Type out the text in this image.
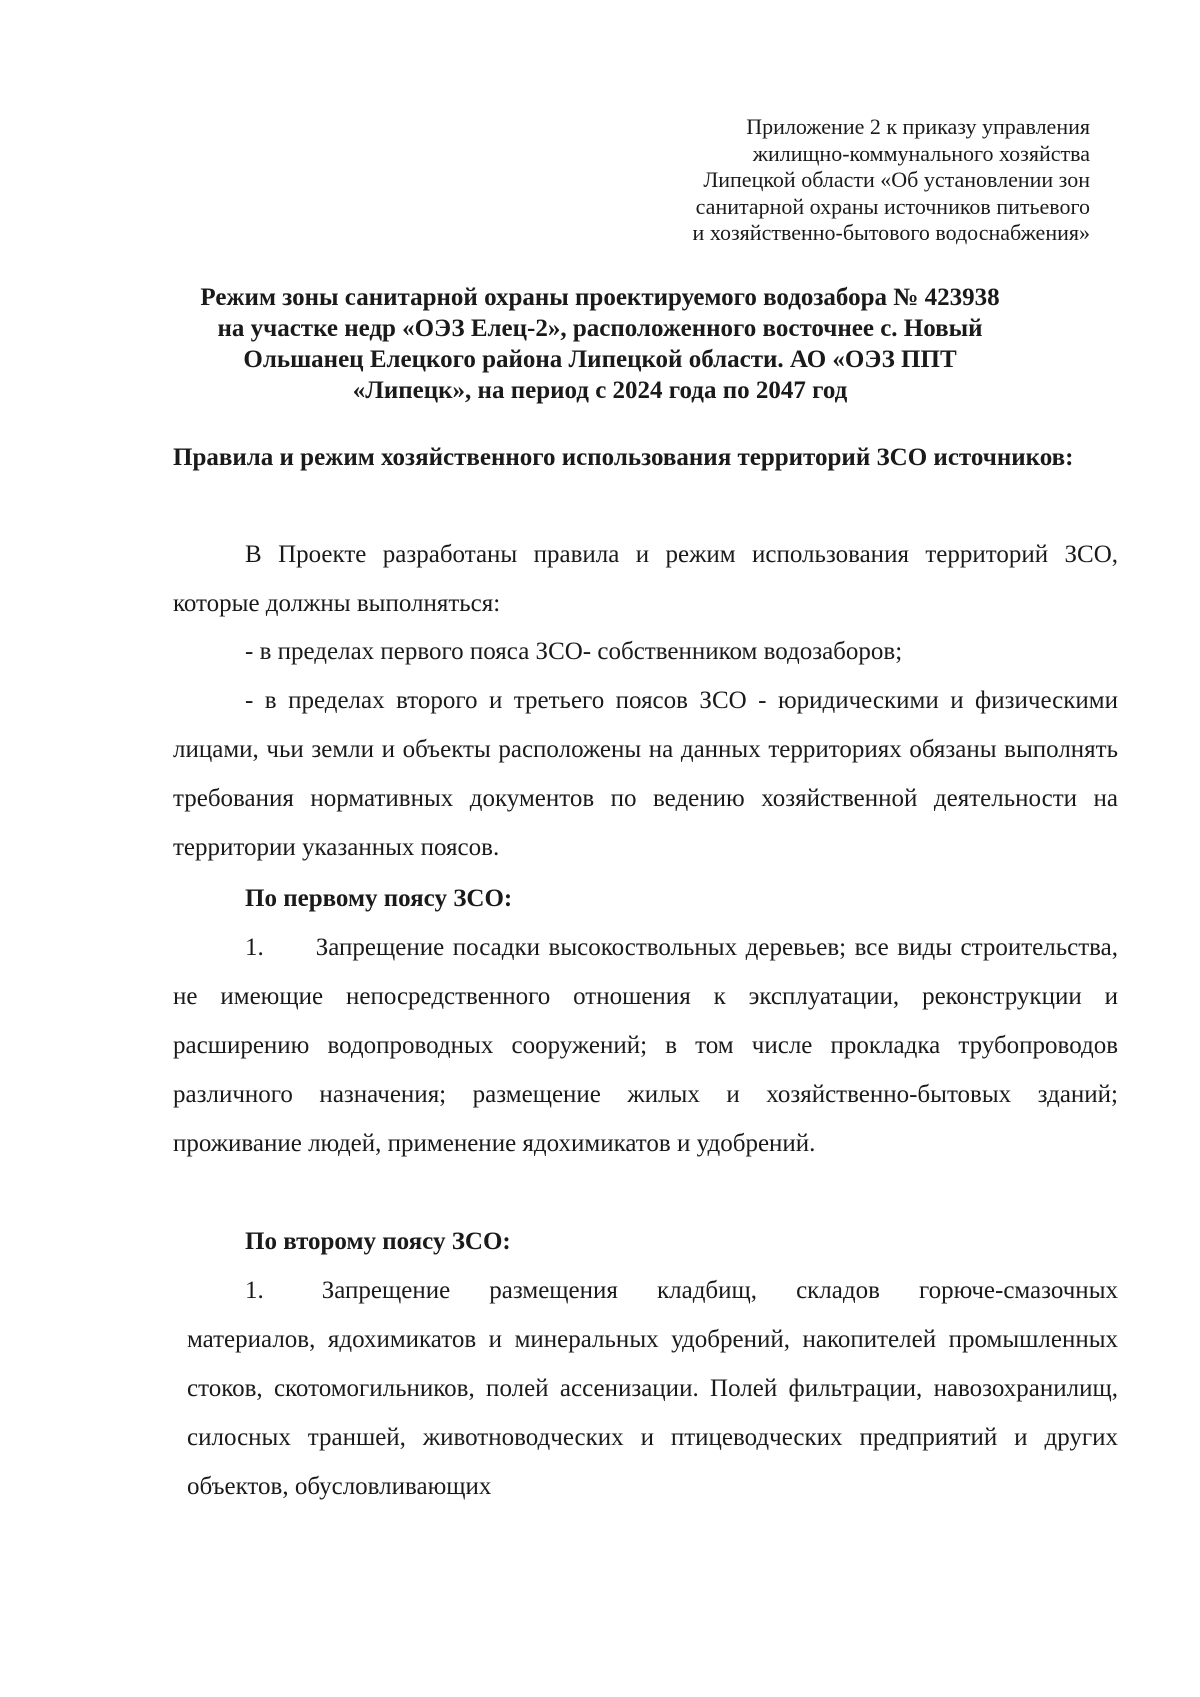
Приложение 2 к приказу управления
жилищно-коммунального хозяйства
Липецкой области «Об установлении зон
санитарной охраны источников питьевого
и хозяйственно-бытового водоснабжения»
Режим зоны санитарной охраны проектируемого водозабора № 423938
на участке недр «ОЭЗ Елец-2», расположенного восточнее с. Новый
Ольшанец Елецкого района Липецкой области. АО «ОЭЗ ППТ
«Липецк», на период с 2024 года по 2047 год
Правила и режим хозяйственного использования территорий ЗСО источников:
В Проекте разработаны правила и режим использования территорий ЗСО, которые должны выполняться:
- в пределах первого пояса ЗСО- собственником водозаборов;
- в пределах второго и третьего поясов ЗСО - юридическими и физическими лицами, чьи земли и объекты расположены на данных территориях обязаны выполнять требования нормативных документов по ведению хозяйственной деятельности на территории указанных поясов.
По первому поясу ЗСО:
1. Запрещение посадки высокоствольных деревьев; все виды строительства, не имеющие непосредственного отношения к эксплуатации, реконструкции и расширению водопроводных сооружений; в том числе прокладка трубопроводов различного назначения; размещение жилых и хозяйственно-бытовых зданий; проживание людей, применение ядохимикатов и удобрений.
По второму поясу ЗСО:
1. Запрещение размещения кладбищ, складов горюче-смазочных материалов, ядохимикатов и минеральных удобрений, накопителей промышленных стоков, скотомогильников, полей ассенизации. Полей фильтрации, навозохранилищ, силосных траншей, животноводческих и птицеводческих предприятий и других объектов, обусловливающих
